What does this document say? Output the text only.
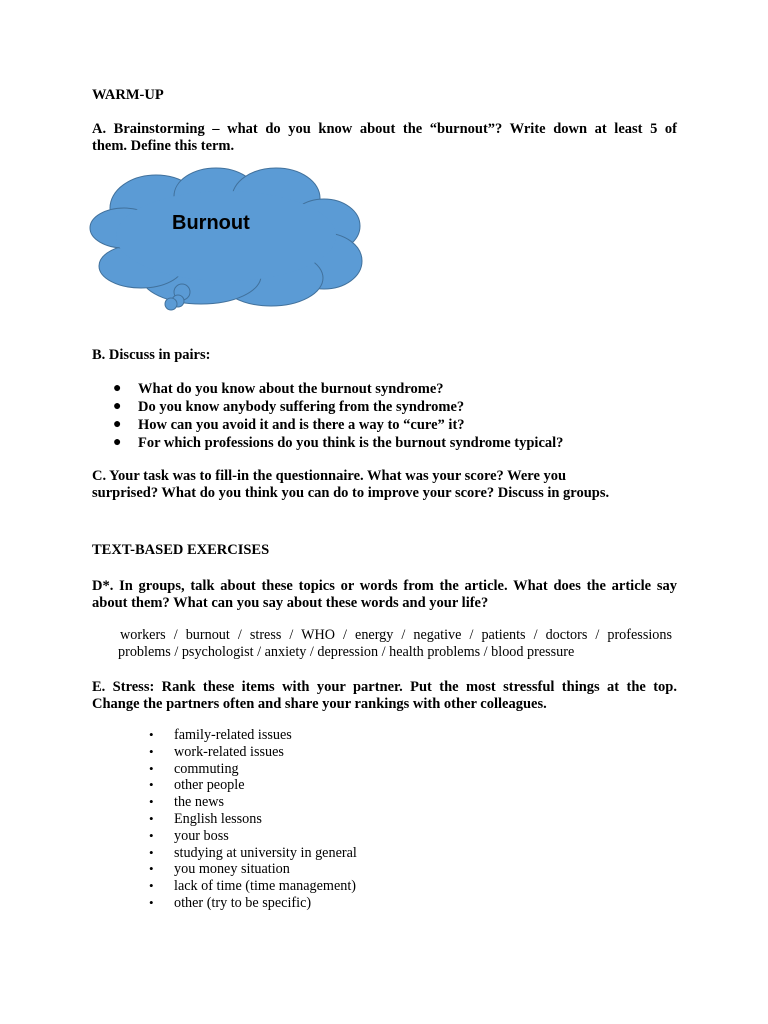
WARM-UP
A. Brainstorming – what do you know about the “burnout”? Write down at least 5 of
them. Define this term.
Burnout
B. Discuss in pairs:
● What do you know about the burnout syndrome?
● Do you know anybody suffering from the syndrome?
● How can you avoid it and is there a way to “cure” it?
● For which professions do you think is the burnout syndrome typical?
C. Your task was to fill-in the questionnaire. What was your score? Were you
surprised? What do you think you can do to improve your score? Discuss in groups.
TEXT-BASED EXERCISES
D*. In groups, talk about these topics or words from the article. What does the article say
about them? What can you say about these words and your life?
workers / burnout / stress / WHO / energy / negative / patients / doctors / professions
problems / psychologist / anxiety / depression / health problems / blood pressure
E. Stress: Rank these items with your partner. Put the most stressful things at the top.
Change the partners often and share your rankings with other colleagues.
• family-related issues
• work-related issues
• commuting
• other people
• the news
• English lessons
• your boss
• studying at university in general
• you money situation
• lack of time (time management)
• other (try to be specific)
